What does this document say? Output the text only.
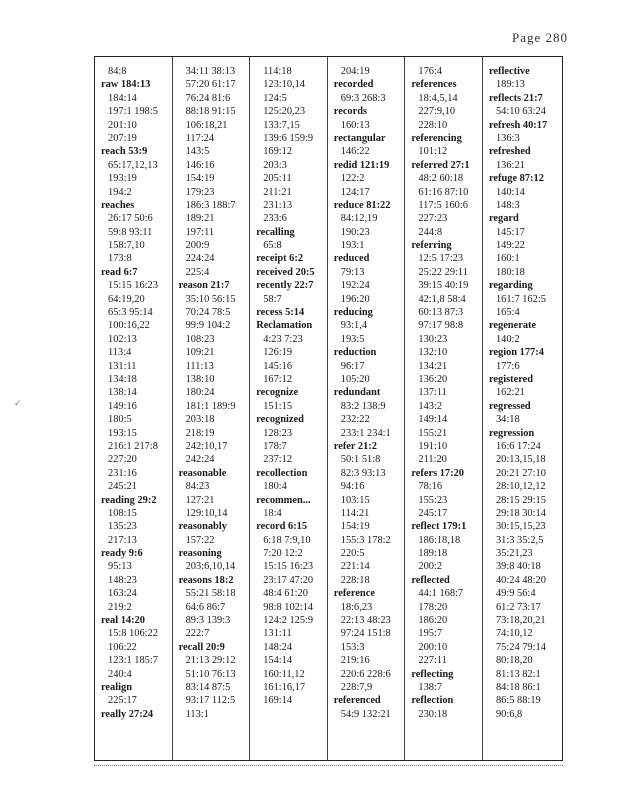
Page 280
84:8
raw 184:13
184:14
197:1 198:5
201:10
207:19
reach 53:9
65:17,12,13
193:19
194:2
reaches
26:17 50:6
59:8 93:11
158:7,10
173:8
read 6:7
15:15 16:23
64:19,20
65:3 95:14
100:16,22
102:13
113:4
131:11
134:18
138:14
149:16
180:5
193:15
216:1 217:8
227:20
231:16
245:21
reading 29:2
108:15
135:23
217:13
ready 9:6
95:13
148:23
163:24
219:2
real 14:20
15:8 106:22
106:22
123:1 185:7
240:4
realign
225:17
really 27:24
34:11 38:13
57:20 61:17
76:24 81:6
88:18 91:15
106:18,21
117:24
143:5
146:16
154:19
179:23
186:3 188:7
189:21
197:11
200:9
224:24
225:4
reason 21:7
35:10 56:15
70:24 78:5
99:9 104:2
108:23
109:21
111:13
138:10
180:24
181:1 189:9
203:18
218:19
242:10,17
242:24
reasonable
84:23
127:21
129:10,14
reasonably
157:22
reasoning
203:6,10,14
reasons 18:2
55:21 58:18
64:6 86:7
89:3 139:3
222:7
recall 20:9
21:13 29:12
51:10 76:13
83:14 87:5
93:17 112:5
113:1
114:18
123:10,14
124:5
125:20,23
133:7,15
139:6 159:9
169:12
203:3
205:11
211:21
231:13
233:6
recalling
65:8
receipt 6:2
received 20:5
recently 22:7
58:7
recess 5:14
Reclamation
4:23 7:23
126:19
145:16
167:12
recognize
151:15
recognized
128:23
178:7
237:12
recollection
180:4
recommen...
18:4
record 6:15
6:18 7:9,10
7:20 12:2
15:15 16:23
23:17 47:20
48:4 61:20
98:8 102:14
124:2 125:9
131:11
148:24
154:14
160:11,12
161:16,17
169:14
204:19
recorded
69:3 268:3
records
160:13
rectangular
146:22
redid 121:19
122:2
124:17
reduce 81:22
84:12,19
190:23
193:1
reduced
79:13
192:24
196:20
reducing
93:1,4
193:5
reduction
96:17
105:20
redundant
83:2 138:9
232:22
233:1 234:1
refer 21:2
50:1 51:8
82:3 93:13
94:16
103:15
114:21
154:19
155:3 178:2
220:5
221:14
228:18
reference
18:6,23
22:13 48:23
97:24 151:8
153:3
219:16
220:6 228:6
228:7,9
referenced
54:9 132:21
176:4
references
18:4,5,14
227:9,10
228:10
referencing
101:12
referred 27:1
48:2 60:18
61:16 87:10
117:5 160:6
227:23
244:8
referring
12:5 17:23
25:22 29:11
39:15 40:19
42:1,8 58:4
60:13 87:3
97:17 98:8
130:23
132:10
134:21
136:20
137:11
143:2
149:14
155:21
191:10
211:20
refers 17:20
78:16
155:23
245:17
reflect 179:1
186:18,18
189:18
200:2
reflected
44:1 168:7
178:20
186:20
195:7
200:10
227:11
reflecting
138:7
reflection
230:18
reflective
189:13
reflects 21:7
54:10 63:24
refresh 40:17
136:3
refreshed
136:21
refuge 87:12
140:14
148:3
regard
145:17
149:22
160:1
180:18
regarding
161:7 162:5
165:4
regenerate
140:2
region 177:4
177:6
registered
162:21
regressed
34:18
regression
16:6 17:24
20:13,15,18
20:21 27:10
28:10,12,12
28:15 29:15
29:18 30:14
30:15,15,23
31:3 35:2,5
35:21,23
39:8 40:18
40:24 48:20
49:9 56:4
61:2 73:17
73:18,20,21
74:10,12
75:24 79:14
80:18,20
81:13 82:1
84:18 86:1
86:5 88:19
90:6,8
✓
